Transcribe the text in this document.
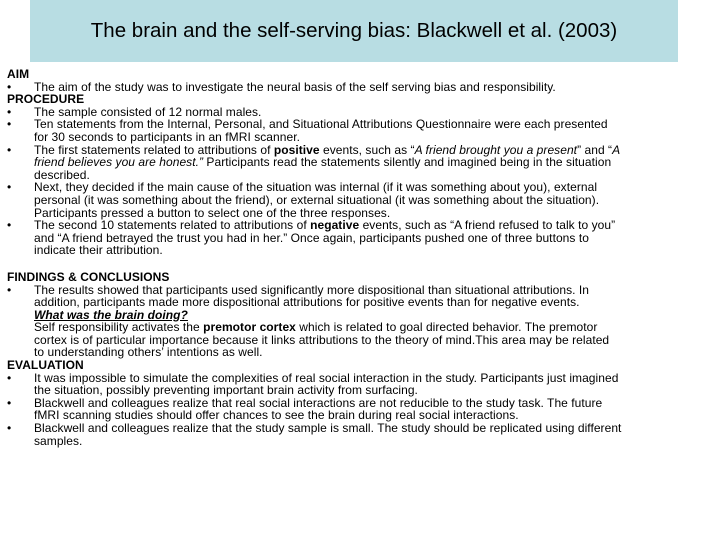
The brain and the self-serving bias: Blackwell et al. (2003)
AIM
• The aim of the study was to investigate the neural basis of the self serving bias and responsibility.
PROCEDURE
• The sample consisted of 12 normal males.
• Ten statements from the Internal, Personal, and Situational Attributions Questionnaire were each presented
for 30 seconds to participants in an fMRI scanner.
• The first statements related to attributions of positive events, such as “A friend brought you a present” and “A
friend believes you are honest.” Participants read the statements silently and imagined being in the situation
described.
• Next, they decided if the main cause of the situation was internal (if it was something about you), external
personal (it was something about the friend), or external situational (it was something about the situation).
Participants pressed a button to select one of the three responses.
• The second 10 statements related to attributions of negative events, such as “A friend refused to talk to you”
and “A friend betrayed the trust you had in her.” Once again, participants pushed one of three buttons to
indicate their attribution.
FINDINGS & CONCLUSIONS
• The results showed that participants used significantly more dispositional than situational attributions. In
addition, participants made more dispositional attributions for positive events than for negative events.
What was the brain doing?
Self responsibility activates the premotor cortex which is related to goal directed behavior. The premotor
cortex is of particular importance because it links attributions to the theory of mind.This area may be related
to understanding others’ intentions as well.
EVALUATION
• It was impossible to simulate the complexities of real social interaction in the study. Participants just imagined
the situation, possibly preventing important brain activity from surfacing.
• Blackwell and colleagues realize that real social interactions are not reducible to the study task. The future
fMRI scanning studies should offer chances to see the brain during real social interactions.
• Blackwell and colleagues realize that the study sample is small. The study should be replicated using different
samples.
